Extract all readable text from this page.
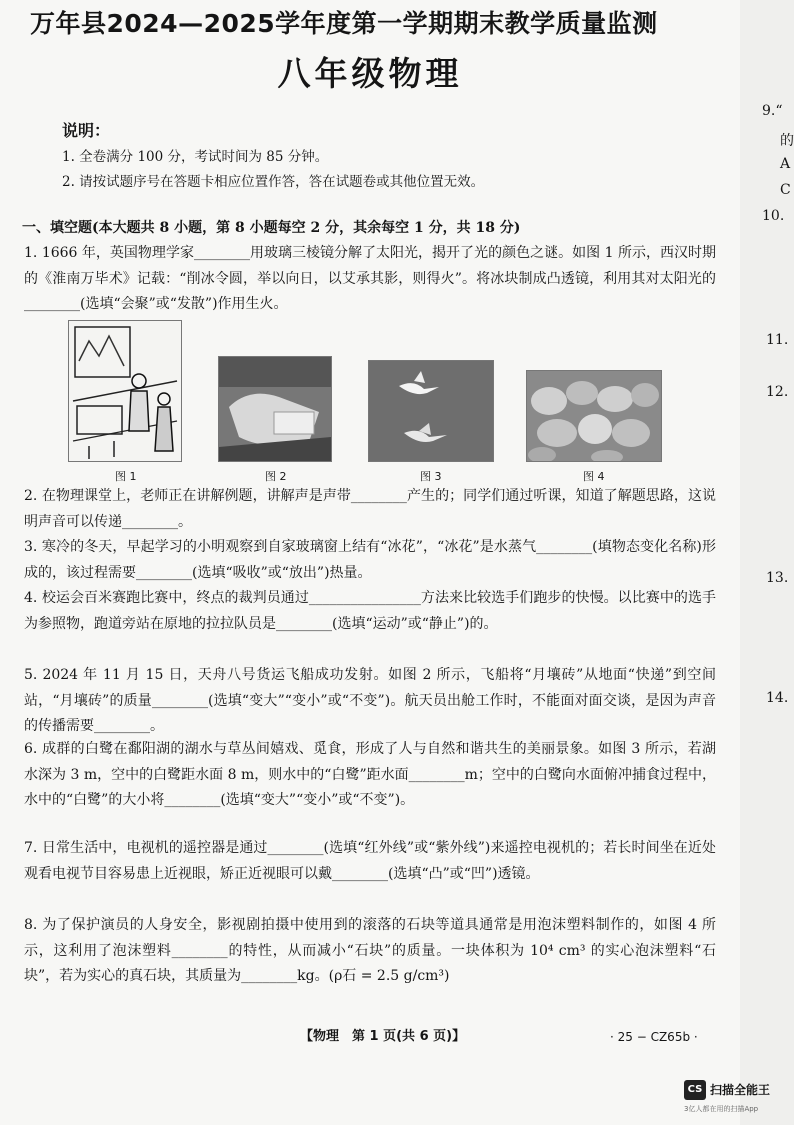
万年县2024—2025学年度第一学期期末教学质量监测
八年级物理
说明：
1. 全卷满分 100 分，考试时间为 85 分钟。
2. 请按试题序号在答题卡相应位置作答，答在试题卷或其他位置无效。
一、填空题(本大题共 8 小题，第 8 小题每空 2 分，其余每空 1 分，共 18 分)
1. 1666 年，英国物理学家________用玻璃三棱镜分解了太阳光，揭开了光的颜色之谜。如图 1 所示，西汉时期的《淮南万毕术》记载：“削冰令圆，举以向日，以艾承其影，则得火”。将冰块制成凸透镜，利用其对太阳光的________(选填“会聚”或“发散”)作用生火。
图 1	图 2	图 3	图 4
2. 在物理课堂上，老师正在讲解例题，讲解声是声带________产生的；同学们通过听课，知道了解题思路，这说明声音可以传递________。
3. 寒冷的冬天，早起学习的小明观察到自家玻璃窗上结有“冰花”，“冰花”是水蒸气________(填物态变化名称)形成的，该过程需要________(选填“吸收”或“放出”)热量。
4. 校运会百米赛跑比赛中，终点的裁判员通过________________方法来比较选手们跑步的快慢。以比赛中的选手为参照物，跑道旁站在原地的拉拉队员是________(选填“运动”或“静止”)的。
5. 2024 年 11 月 15 日，天舟八号货运飞船成功发射。如图 2 所示，飞船将“月壤砖”从地面“快递”到空间站，“月壤砖”的质量________(选填“变大”“变小”或“不变”)。航天员出舱工作时，不能面对面交谈，是因为声音的传播需要________。
6. 成群的白鹭在鄱阳湖的湖水与草丛间嬉戏、觅食，形成了人与自然和谐共生的美丽景象。如图 3 所示，若湖水深为 3 m，空中的白鹭距水面 8 m，则水中的“白鹭”距水面________m；空中的白鹭向水面俯冲捕食过程中，水中的“白鹭”的大小将________(选填“变大”“变小”或“不变”)。
7. 日常生活中，电视机的遥控器是通过________(选填“红外线”或“紫外线”)来遥控电视机的；若长时间坐在近处观看电视节目容易患上近视眼，矫正近视眼可以戴________(选填“凸”或“凹”)透镜。
8. 为了保护演员的人身安全，影视剧拍摄中使用到的滚落的石块等道具通常是用泡沫塑料制作的，如图 4 所示，这利用了泡沫塑料________的特性，从而减小“石块”的质量。一块体积为 10⁴ cm³ 的实心泡沫塑料“石块”，若为实心的真石块，其质量为________kg。(ρ石 = 2.5 g/cm³)
【物理　第 1 页(共 6 页)】	· 25 − CZ65b ·
9.“
的
A
C
10.
11.
12.
13.
14.
CS 扫描全能王
3亿人都在用的扫描App
